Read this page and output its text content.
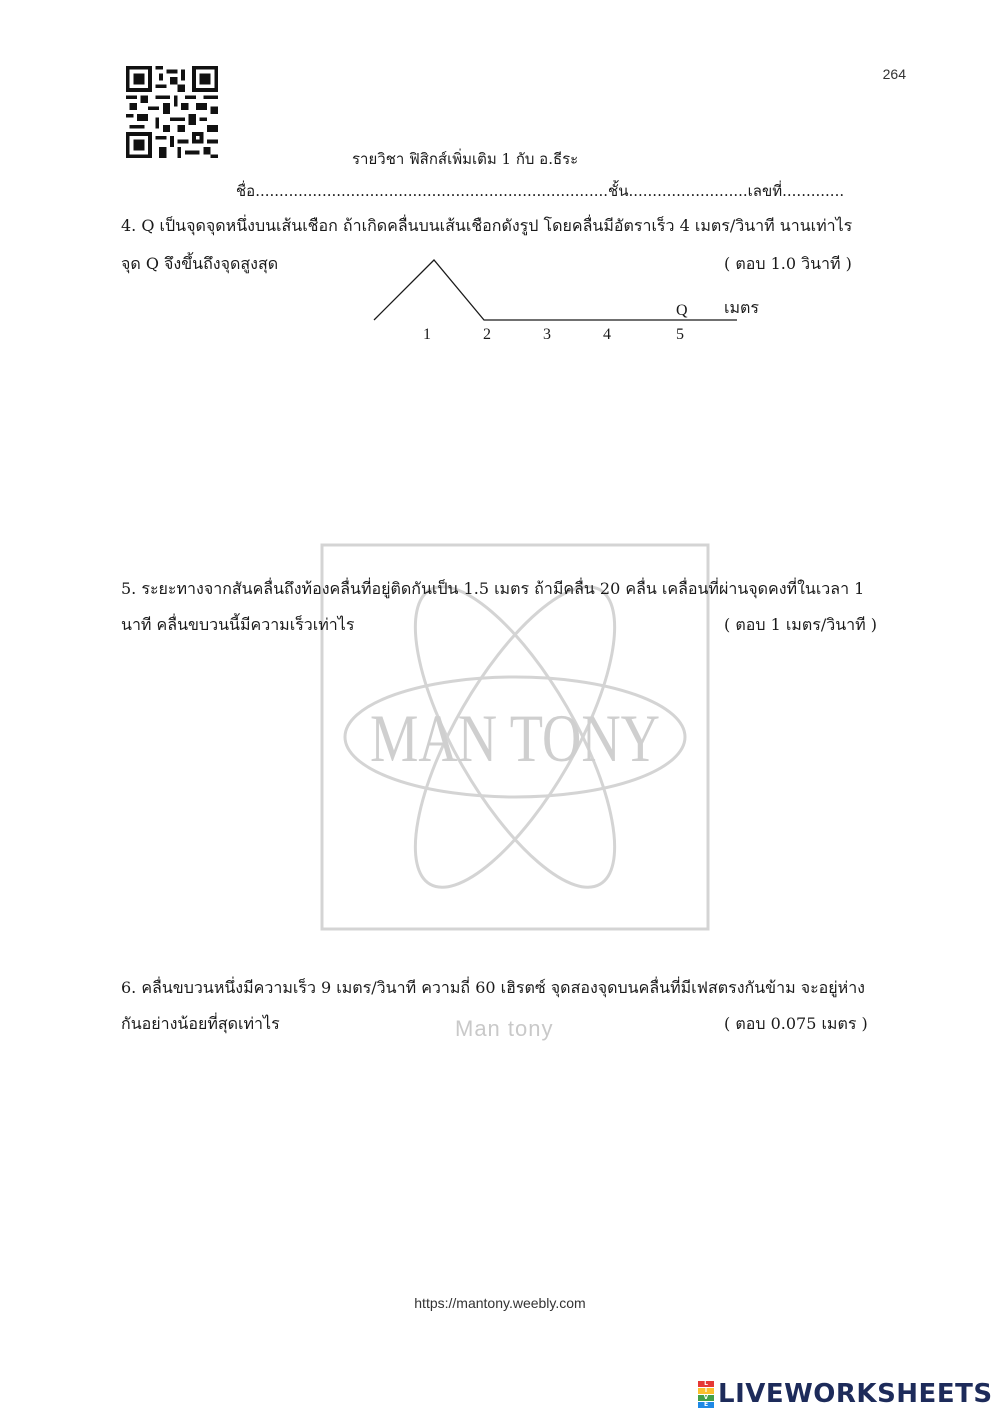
264
รายวิชา ฟิสิกส์เพิ่มเติม 1 กับ อ.ธีระ
ชื่อ..........................................................................ชั้น.........................เลขที่.............
4. Q เป็นจุดจุดหนึ่งบนเส้นเชือก ถ้าเกิดคลื่นบนเส้นเชือกดังรูป โดยคลื่นมีอัตราเร็ว 4 เมตร/วินาที นานเท่าไร
จุด Q จึงขึ้นถึงจุดสูงสุด	( ตอบ 1.0 วินาที )
Q เมตร
1	2	3	4	5
MAN TONY
5. ระยะทางจากสันคลื่นถึงท้องคลื่นที่อยู่ติดกันเป็น 1.5 เมตร ถ้ามีคลื่น 20 คลื่น เคลื่อนที่ผ่านจุดคงที่ในเวลา 1
นาที คลื่นขบวนนี้มีความเร็วเท่าไร	( ตอบ 1 เมตร/วินาที )
6. คลื่นขบวนหนึ่งมีความเร็ว 9 เมตร/วินาที ความถี่ 60 เฮิรตซ์ จุดสองจุดบนคลื่นที่มีเฟสตรงกันข้าม จะอยู่ห่าง
กันอย่างน้อยที่สุดเท่าไร	( ตอบ 0.075 เมตร )
Man tony
https://mantony.weebly.com
L
I
V
E LIVEWORKSHEETS
